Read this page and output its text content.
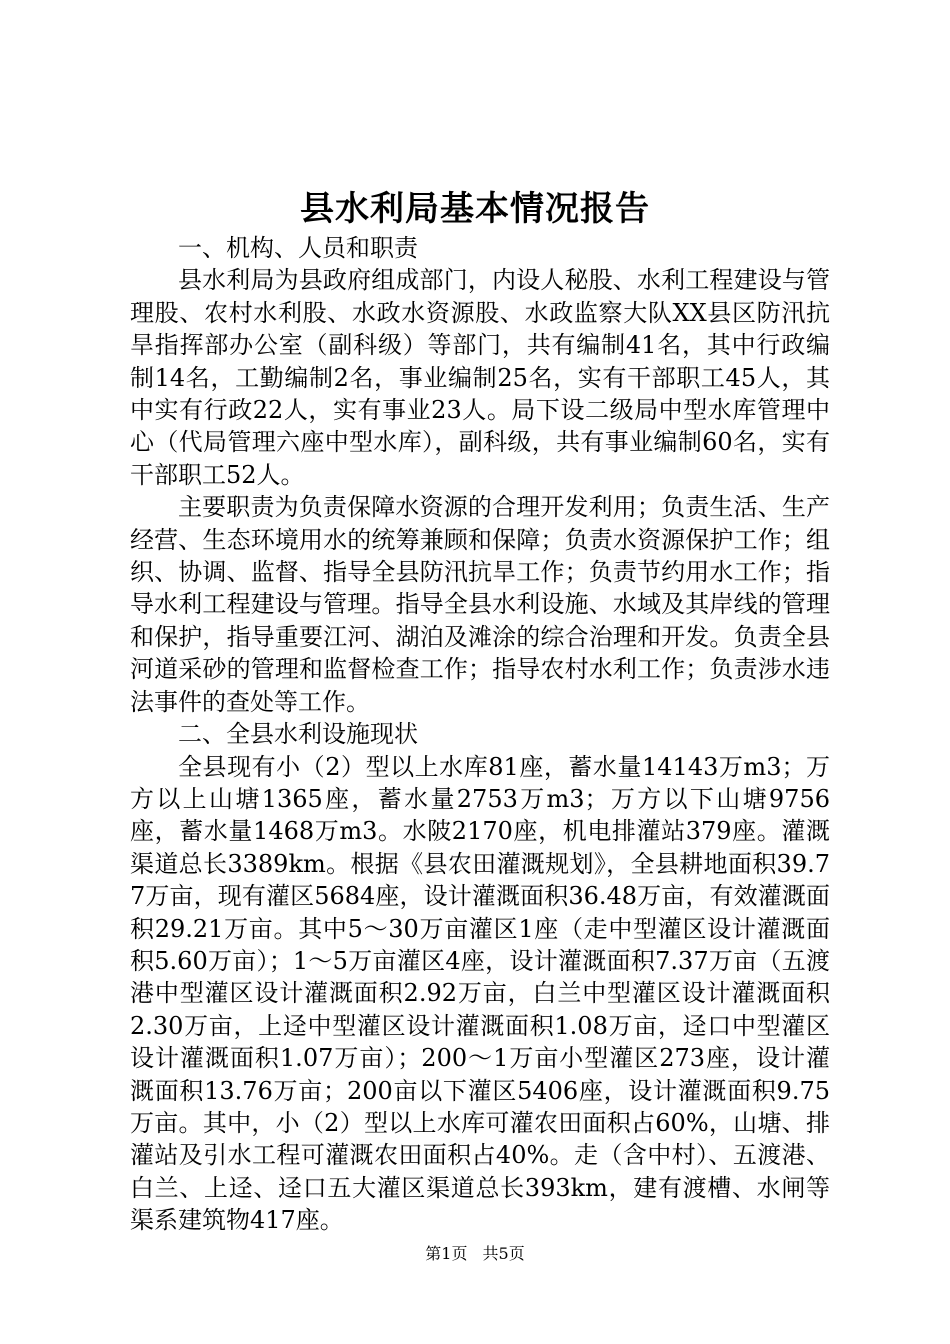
县水利局基本情况报告
一、机构、人员和职责

县水利局为县政府组成部门，内设人秘股、水利工程建设与管理股、农村水利股、水政水资源股、水政监察大队XX县区防汛抗旱指挥部办公室（副科级）等部门，共有编制41名，其中行政编制14名，工勤编制2名，事业编制25名，实有干部职工45人，其中实有行政22人，实有事业23人。局下设二级局中型水库管理中心（代局管理六座中型水库），副科级，共有事业编制60名，实有干部职工52人。

主要职责为负责保障水资源的合理开发利用；负责生活、生产经营、生态环境用水的统筹兼顾和保障；负责水资源保护工作；组织、协调、监督、指导全县防汛抗旱工作；负责节约用水工作；指导水利工程建设与管理。指导全县水利设施、水域及其岸线的管理和保护，指导重要江河、湖泊及滩涂的综合治理和开发。负责全县河道采砂的管理和监督检查工作；指导农村水利工作；负责涉水违法事件的查处等工作。

二、全县水利设施现状

全县现有小（2）型以上水库81座，蓄水量14143万m3；万方以上山塘1365座，蓄水量2753万m3；万方以下山塘9756座，蓄水量1468万m3。水陂2170座，机电排灌站379座。灌溉渠道总长3389km。根据《县农田灌溉规划》，全县耕地面积39.77万亩，现有灌区5684座，设计灌溉面积36.48万亩，有效灌溉面积29.21万亩。其中5～30万亩灌区1座（走中型灌区设计灌溉面积5.60万亩）；1～5万亩灌区4座，设计灌溉面积7.37万亩（五渡港中型灌区设计灌溉面积2.92万亩，白兰中型灌区设计灌溉面积2.30万亩，上迳中型灌区设计灌溉面积1.08万亩，迳口中型灌区设计灌溉面积1.07万亩）；200～1万亩小型灌区273座，设计灌溉面积13.76万亩；200亩以下灌区5406座，设计灌溉面积9.75万亩。其中，小（2）型以上水库可灌农田面积占60%，山塘、排灌站及引水工程可灌溉农田面积占40%。走（含中村）、五渡港、白兰、上迳、迳口五大灌区渠道总长393km，建有渡槽、水闸等渠系建筑物417座。

第1页 共5页
